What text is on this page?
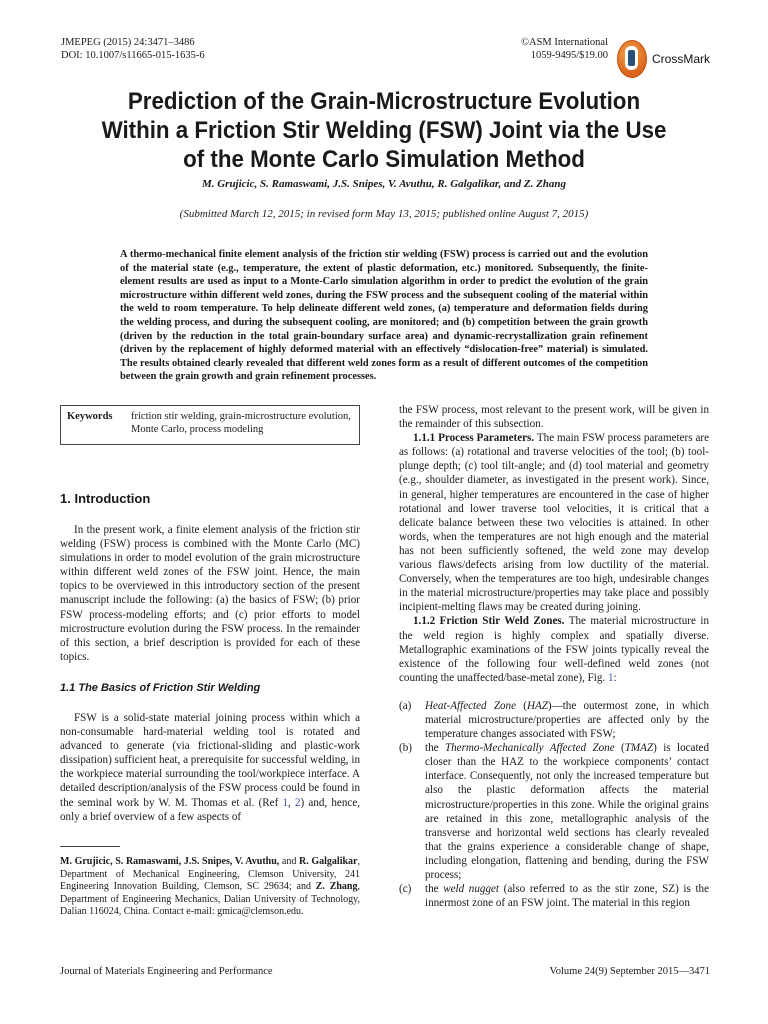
JMEPEG (2015) 24:3471–3486
DOI: 10.1007/s11665-015-1635-6
©ASM International
1059-9495/$19.00	CrossMark
Prediction of the Grain-Microstructure Evolution
Within a Friction Stir Welding (FSW) Joint via the Use
of the Monte Carlo Simulation Method
M. Grujicic, S. Ramaswami, J.S. Snipes, V. Avuthu, R. Galgalikar, and Z. Zhang
(Submitted March 12, 2015; in revised form May 13, 2015; published online August 7, 2015)
A thermo-mechanical finite element analysis of the friction stir welding (FSW) process is carried out and the evolution of the material state (e.g., temperature, the extent of plastic deformation, etc.) monitored. Subsequently, the finite-element results are used as input to a Monte-Carlo simulation algorithm in order to predict the evolution of the grain microstructure within different weld zones, during the FSW process and the subsequent cooling of the material within the weld to room temperature. To help delineate different weld zones, (a) temperature and deformation fields during the welding process, and during the subsequent cooling, are monitored; and (b) competition between the grain growth (driven by the reduction in the total grain-boundary surface area) and dynamic-recrystallization grain refinement (driven by the replacement of highly deformed material with an effectively “dislocation-free” material) is simulated. The results obtained clearly revealed that different weld zones form as a result of different outcomes of the competition between the grain growth and grain refinement processes.
Keywords	friction stir welding, grain-microstructure evolution, Monte Carlo, process modeling
1. Introduction

In the present work, a finite element analysis of the friction stir welding (FSW) process is combined with the Monte Carlo (MC) simulations in order to model evolution of the grain microstructure within different weld zones of the FSW joint. Hence, the main topics to be overviewed in this introductory section of the present manuscript include the following: (a) the basics of FSW; (b) prior FSW process-modeling efforts; and (c) prior efforts to model microstructure evolution during the FSW process. In the remainder of this section, a brief description is provided for each of these topics.

1.1 The Basics of Friction Stir Welding

FSW is a solid-state material joining process within which a non-consumable hard-material welding tool is rotated and advanced to generate (via frictional-sliding and plastic-work dissipation) sufficient heat, a prerequisite for successful welding, in the workpiece material surrounding the tool/workpiece interface. A detailed description/analysis of the FSW process could be found in the seminal work by W. M. Thomas et al. (Ref 1, 2) and, hence, only a brief overview of a few aspects of

M. Grujicic, S. Ramaswami, J.S. Snipes, V. Avuthu, and R. Galgalikar, Department of Mechanical Engineering, Clemson University, 241 Engineering Innovation Building, Clemson, SC 29634; and Z. Zhang, Department of Engineering Mechanics, Dalian University of Technology, Dalian 116024, China. Contact e-mail: gmica@clemson.edu.

the FSW process, most relevant to the present work, will be given in the remainder of this subsection.

1.1.1 Process Parameters. The main FSW process parameters are as follows: (a) rotational and traverse velocities of the tool; (b) tool-plunge depth; (c) tool tilt-angle; and (d) tool material and geometry (e.g., shoulder diameter, as investigated in the present work). Since, in general, higher temperatures are encountered in the case of higher rotational and lower traverse tool velocities, it is critical that a delicate balance between these two velocities is attained. In other words, when the temperatures are not high enough and the material has not been sufficiently softened, the weld zone may develop various flaws/defects arising from low ductility of the material. Conversely, when the temperatures are too high, undesirable changes in the material microstructure/properties may take place and possibly incipient-melting flaws may be created during joining.

1.1.2 Friction Stir Weld Zones. The material microstructure in the weld region is highly complex and spatially diverse. Metallographic examinations of the FSW joints typically reveal the existence of the following four well-defined weld zones (not counting the unaffected/base-metal zone), Fig. 1:

(a)	Heat-Affected Zone (HAZ)—the outermost zone, in which material microstructure/properties are affected only by the temperature changes associated with FSW;
(b)	the Thermo-Mechanically Affected Zone (TMAZ) is located closer than the HAZ to the workpiece components’ contact interface. Consequently, not only the increased temperature but also the plastic deformation affects the material microstructure/properties in this zone. While the original grains are retained in this zone, metallographic analysis of the transverse and horizontal weld sections has clearly revealed that the grains experience a considerable change of shape, including elongation, flattening and bending, during the FSW process;
(c)	the weld nugget (also referred to as the stir zone, SZ) is the innermost zone of an FSW joint. The material in this region
Journal of Materials Engineering and Performance	Volume 24(9) September 2015—3471
